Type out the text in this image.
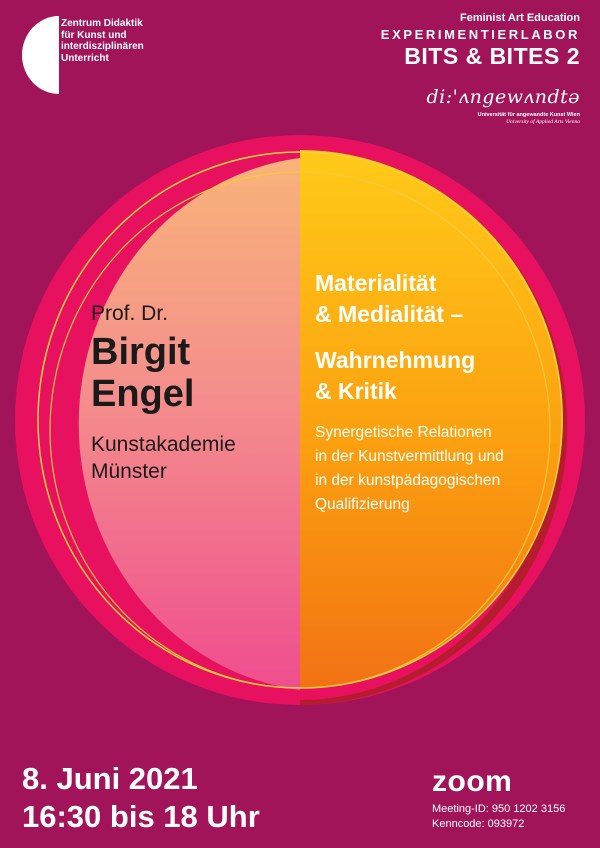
Zentrum Didaktik
für Kunst und
interdisziplinären
Unterricht
Feminist Art Education
EXPERIMENTIERLABOR
BITS & BITES 2
di:'ʌngewʌndtə
Universität für angewandte Kunst Wien
University of Applied Arts Vienna
Prof. Dr.
Birgit
Engel
Kunstakademie
Münster
Materialität
& Medialität –
Wahrnehmung
& Kritik
Synergetische Relationen
in der Kunstvermittlung und
in der kunstpädagogischen
Qualifizierung
8. Juni 2021
16:30 bis 18 Uhr
zoom
Meeting-ID: 950 1202 3156
Kenncode: 093972
